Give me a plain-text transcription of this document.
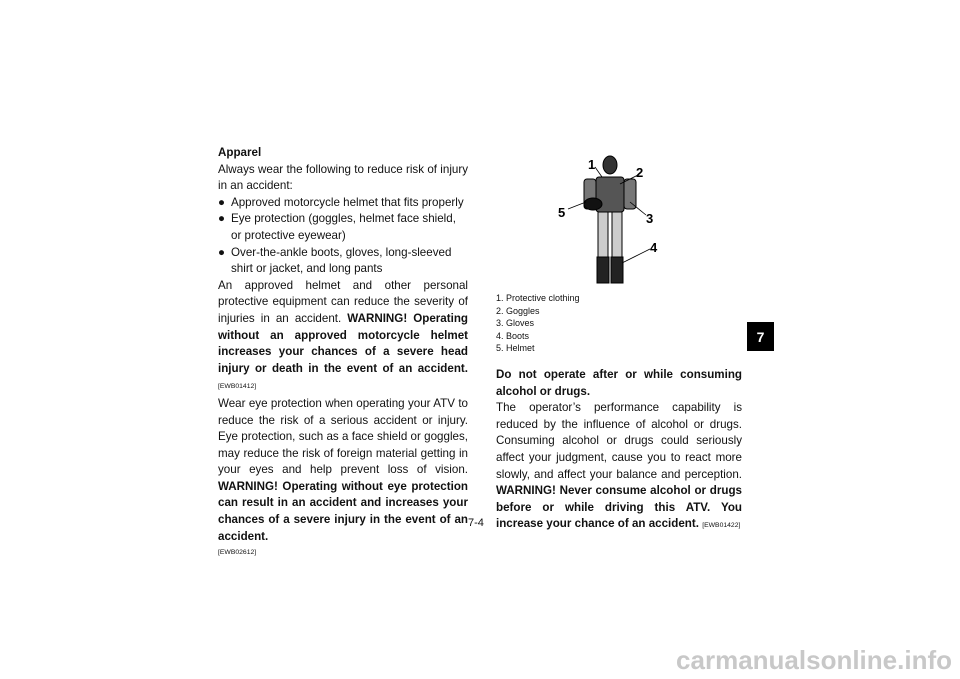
Apparel

Always wear the following to reduce risk of injury in an accident:

● Approved motorcycle helmet that fits properly
● Eye protection (goggles, helmet face shield, or protective eyewear)
● Over-the-ankle boots, gloves, long-sleeved shirt or jacket, and long pants

An approved helmet and other personal protective equipment can reduce the severity of injuries in an accident. WARNING! Operating without an approved motorcycle helmet increases your chances of a severe head injury or death in the event of an accident. [EWB01412]

Wear eye protection when operating your ATV to reduce the risk of a serious accident or injury. Eye protection, such as a face shield or goggles, may reduce the risk of foreign material getting in your eyes and help prevent loss of vision. WARNING! Operating without eye protection can result in an accident and increases your chances of a severe injury in the event of an accident.

[EWB02612]
1
2
3
4
5
1. Protective clothing
2. Goggles
3. Gloves
4. Boots
5. Helmet

Do not operate after or while consuming alcohol or drugs.

The operator’s performance capability is reduced by the influence of alcohol or drugs. Consuming alcohol or drugs could seriously affect your judgment, cause you to react more slowly, and affect your balance and perception. WARNING! Never consume alcohol or drugs before or while driving this ATV. You increase your chance of an accident. [EWB01422]

7
7-4
carmanualsonline.info
